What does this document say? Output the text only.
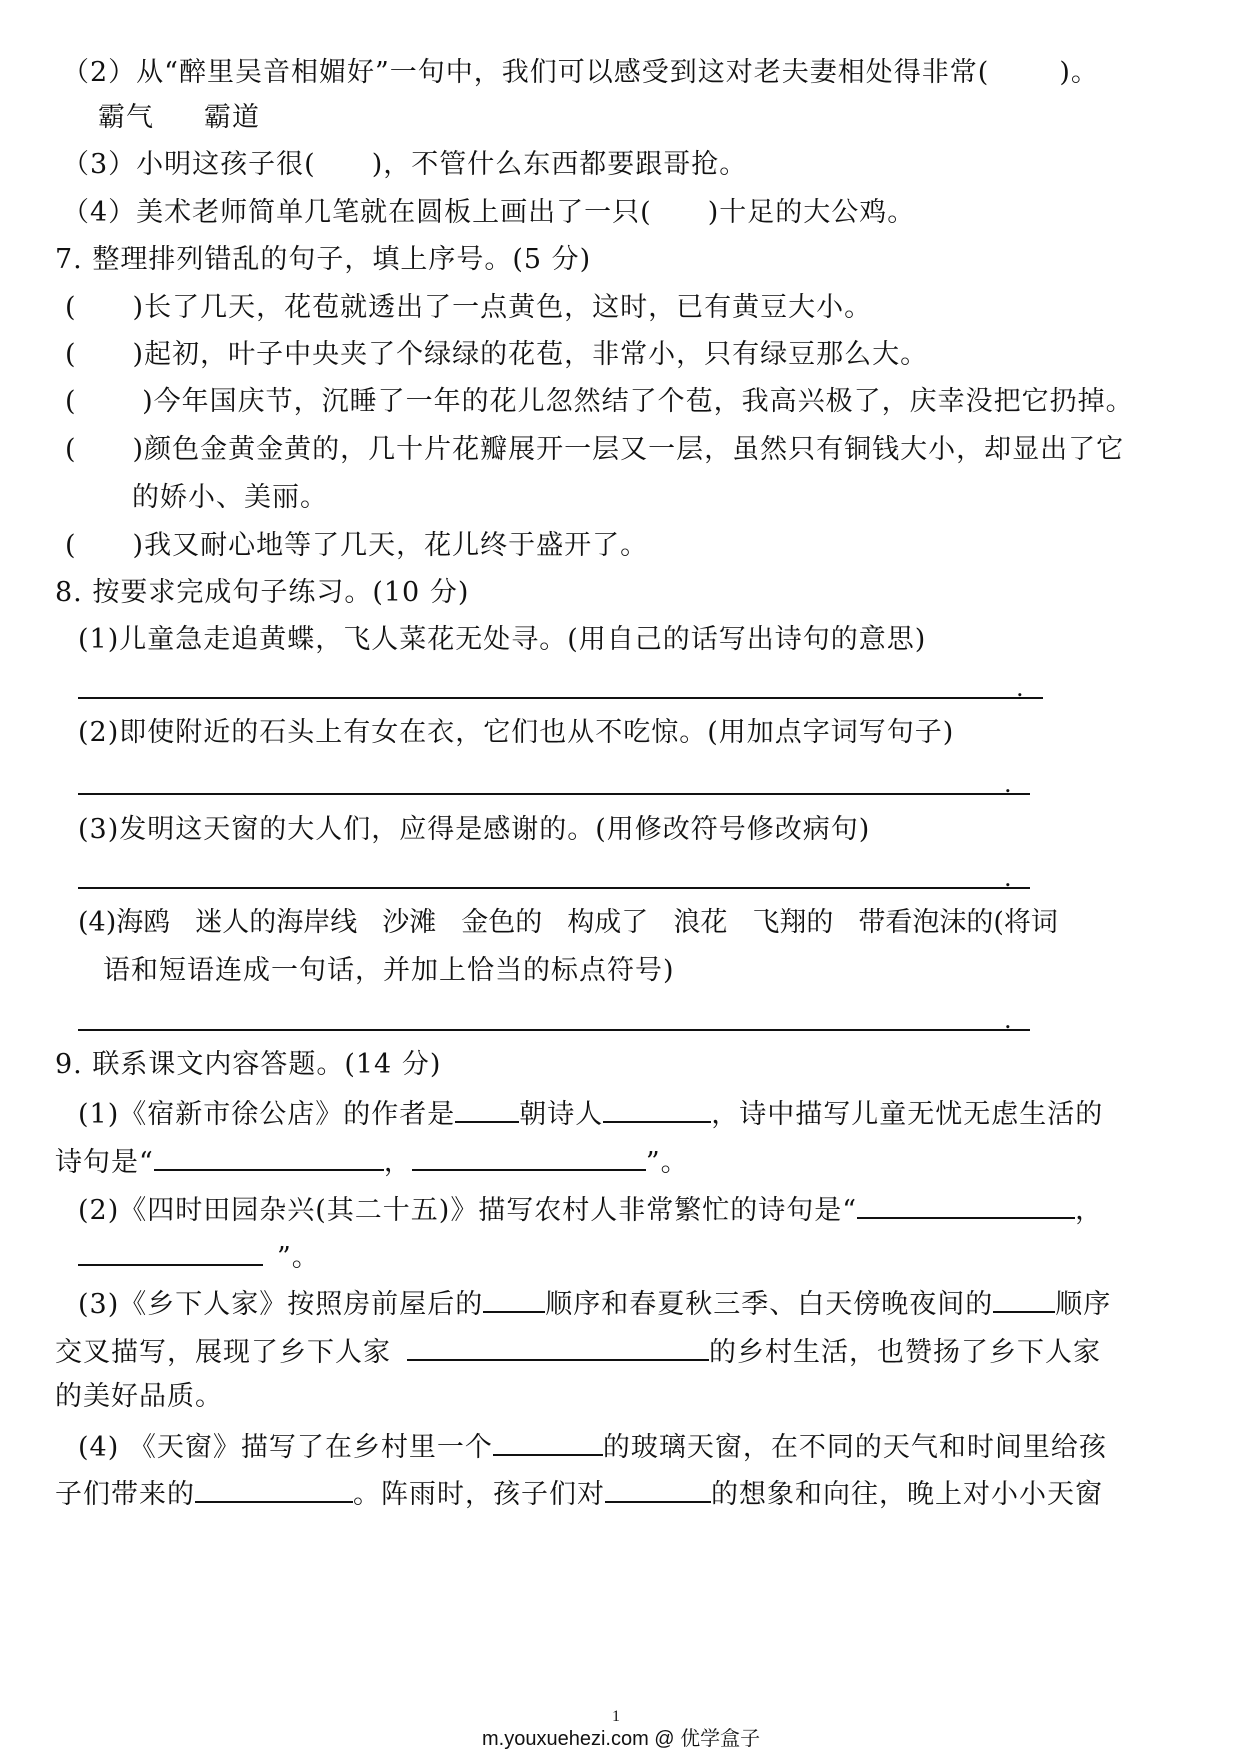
（2）从“醉里吴音相媚好”一句中，我们可以感受到这对老夫妻相处得非常(	)。
霸气 霸道
（3）小明这孩子很(　　)，不管什么东西都要跟哥抢。
（4）美术老师简单几笔就在圆板上画出了一只(　　)十足的大公鸡。
7. 整理排列错乱的句子，填上序号。(5 分)
(　　)长了几天，花苞就透出了一点黄色，这时，已有黄豆大小。
(　　)起初，叶子中央夹了个绿绿的花苞，非常小，只有绿豆那么大。
(　　 )今年国庆节，沉睡了一年的花儿忽然结了个苞，我高兴极了，庆幸没把它扔掉。
(　　)颜色金黄金黄的，几十片花瓣展开一层又一层，虽然只有铜钱大小，却显出了它
的娇小、美丽。
(　　)我又耐心地等了几天，花儿终于盛开了。
8. 按要求完成句子练习。(10 分)
(1)儿童急走追黄蝶，飞人菜花无处寻。(用自己的话写出诗句的意思)
.
(2)即使附近的石头上有女在衣，它们也从不吃惊。(用加点字词写句子)
.
(3)发明这天窗的大人们，应得是感谢的。(用修改符号修改病句)
.
(4)海鸥 迷人的海岸线 沙滩 金色的 构成了 浪花 飞翔的 带看泡沫的(将词
语和短语连成一句话，并加上恰当的标点符号)
.
9. 联系课文内容答题。(14 分)
(1)《宿新市徐公店》的作者是 朝诗人	，诗中描写儿童无忧无虑生活的
诗句是“	，	”。
(2)《四时田园杂兴(其二十五)》描写农村人非常繁忙的诗句是“	，
”。
(3)《乡下人家》按照房前屋后的 顺序和春夏秋三季、白天傍晚夜间的 顺序
交叉描写，展现了乡下人家	的乡村生活，也赞扬了乡下人家
的美好品质。
(4) 《天窗》描写了在乡村里一个	的玻璃天窗，在不同的天气和时间里给孩
子们带来的	。阵雨时，孩子们对	的想象和向往，晚上对小小天窗
1
m.youxuehezi.com @ 优学盒子
